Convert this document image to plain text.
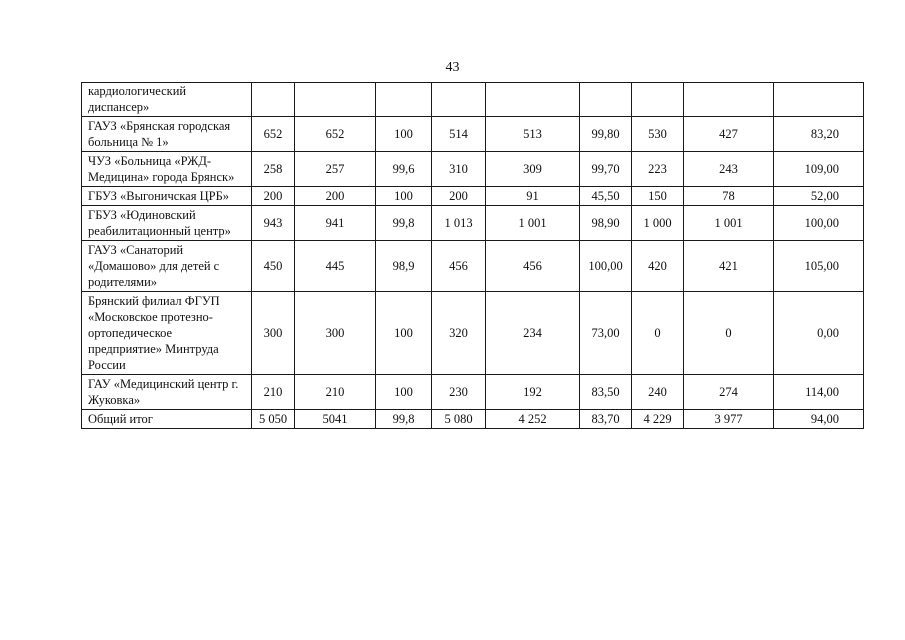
43
кардиологический диспансер»									
ГАУЗ «Брянская городская больница № 1»	652	652	100	514	513	99,80	530	427	83,20
ЧУЗ «Больница «РЖД-Медицина» города Брянск»	258	257	99,6	310	309	99,70	223	243	109,00
ГБУЗ «Выгоничская ЦРБ»	200	200	100	200	91	45,50	150	78	52,00
ГБУЗ «Юдиновский реабилитационный центр»	943	941	99,8	1 013	1 001	98,90	1 000	1 001	100,00
ГАУЗ «Санаторий «Домашово» для детей с родителями»	450	445	98,9	456	456	100,00	420	421	105,00
Брянский филиал ФГУП «Московское протезно-ортопедическое предприятие» Минтруда России	300	300	100	320	234	73,00	0	0	0,00
ГАУ «Медицинский центр г. Жуковка»	210	210	100	230	192	83,50	240	274	114,00
Общий итог	5 050	5041	99,8	5 080	4 252	83,70	4 229	3 977	94,00
